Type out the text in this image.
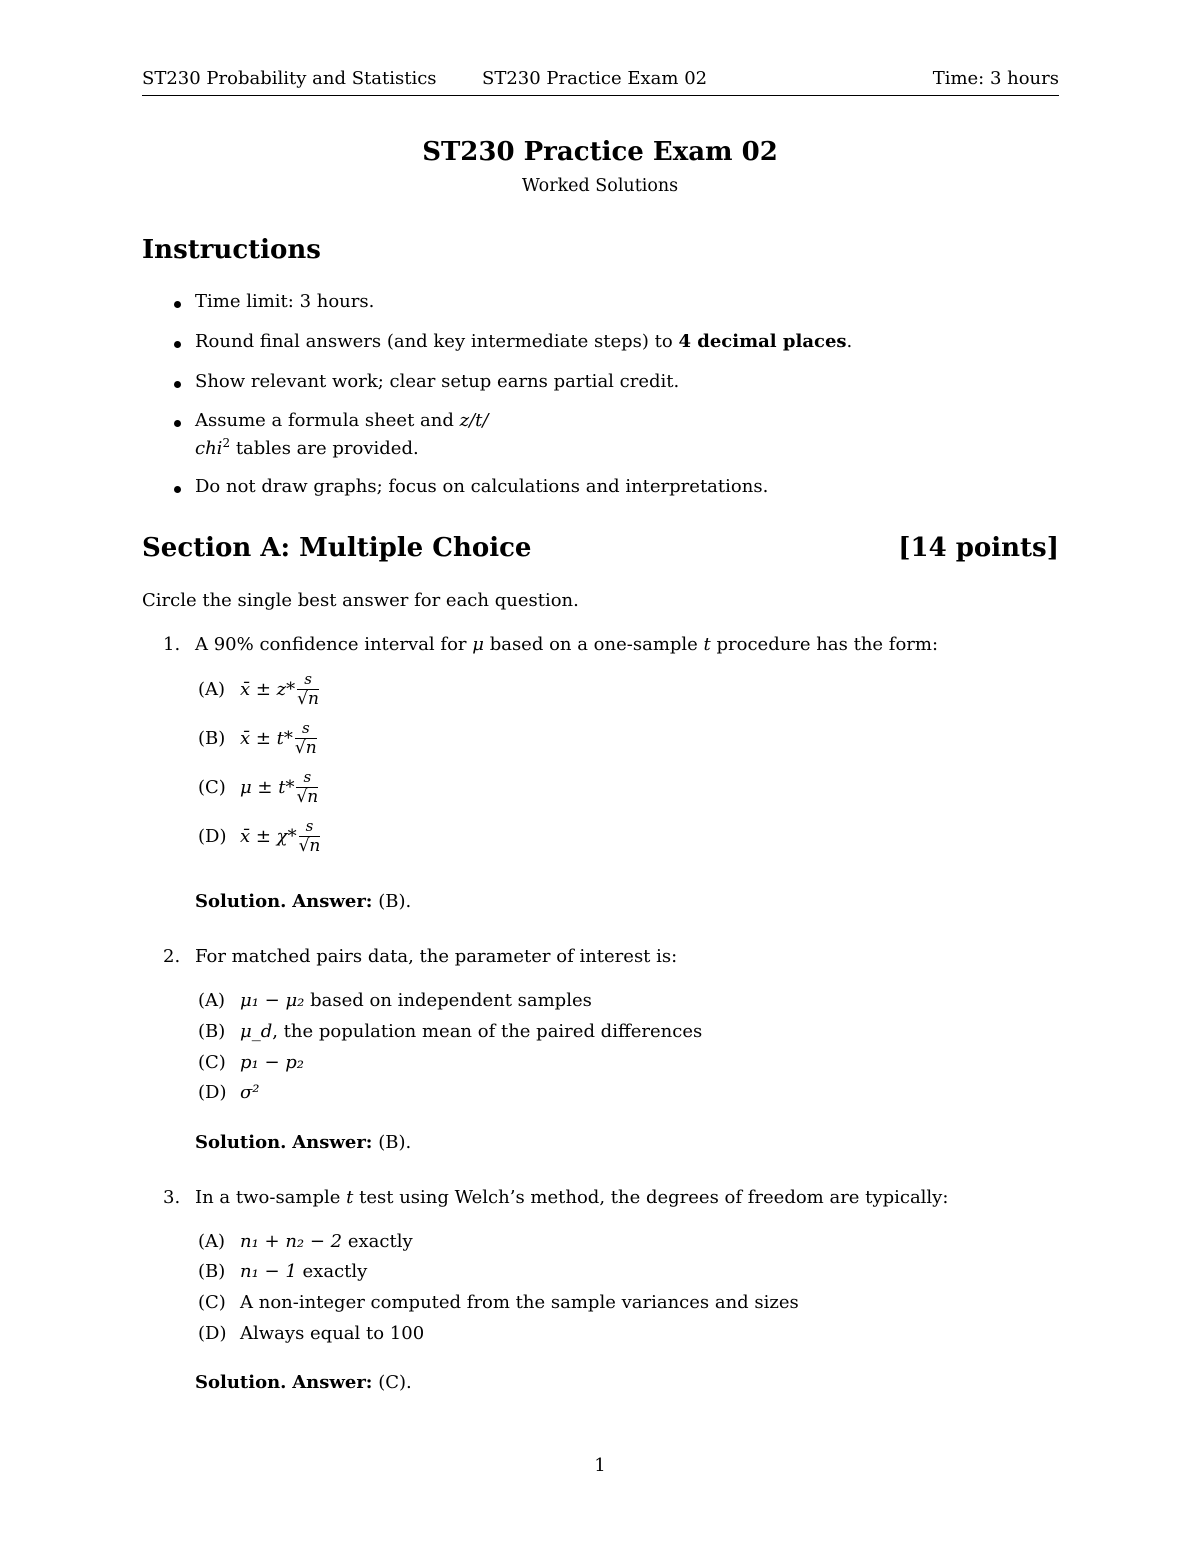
ST230 Probability and Statistics	ST230 Practice Exam 02	Time: 3 hours
ST230 Practice Exam 02
Worked Solutions
Instructions
Time limit: 3 hours.
Round final answers (and key intermediate steps) to 4 decimal places.
Show relevant work; clear setup earns partial credit.
Assume a formula sheet and z/t/
chi$^2$ tables are provided.
Do not draw graphs; focus on calculations and interpretations.
Section A: Multiple Choice	[14 points]
Circle the single best answer for each question.
1. A 90% confidence interval for μ based on a one-sample t procedure has the form:
(A) x̄ ± $z* \frac{s}{√n}$
(B) x̄ ± $t* \frac{s}{√n}$
(C) $\mu \pm t* \frac{s}{√n}$
(D) x̄ ± $\chi* \frac{s}{√n}$
Solution. Answer: (B).
2. For matched pairs data, the parameter of interest is:
(A) μ₁ − μ₂ based on independent samples
(B) μ_d, the population mean of the paired differences
(C) p₁ − p₂
(D) σ²
Solution. Answer: (B).
3. In a two-sample t test using Welch’s method, the degrees of freedom are typically:
(A) n₁ + n₂ − 2 exactly
(B) n₁ − 1 exactly
(C) A non-integer computed from the sample variances and sizes
(D) Always equal to 100
Solution. Answer: (C).
1
